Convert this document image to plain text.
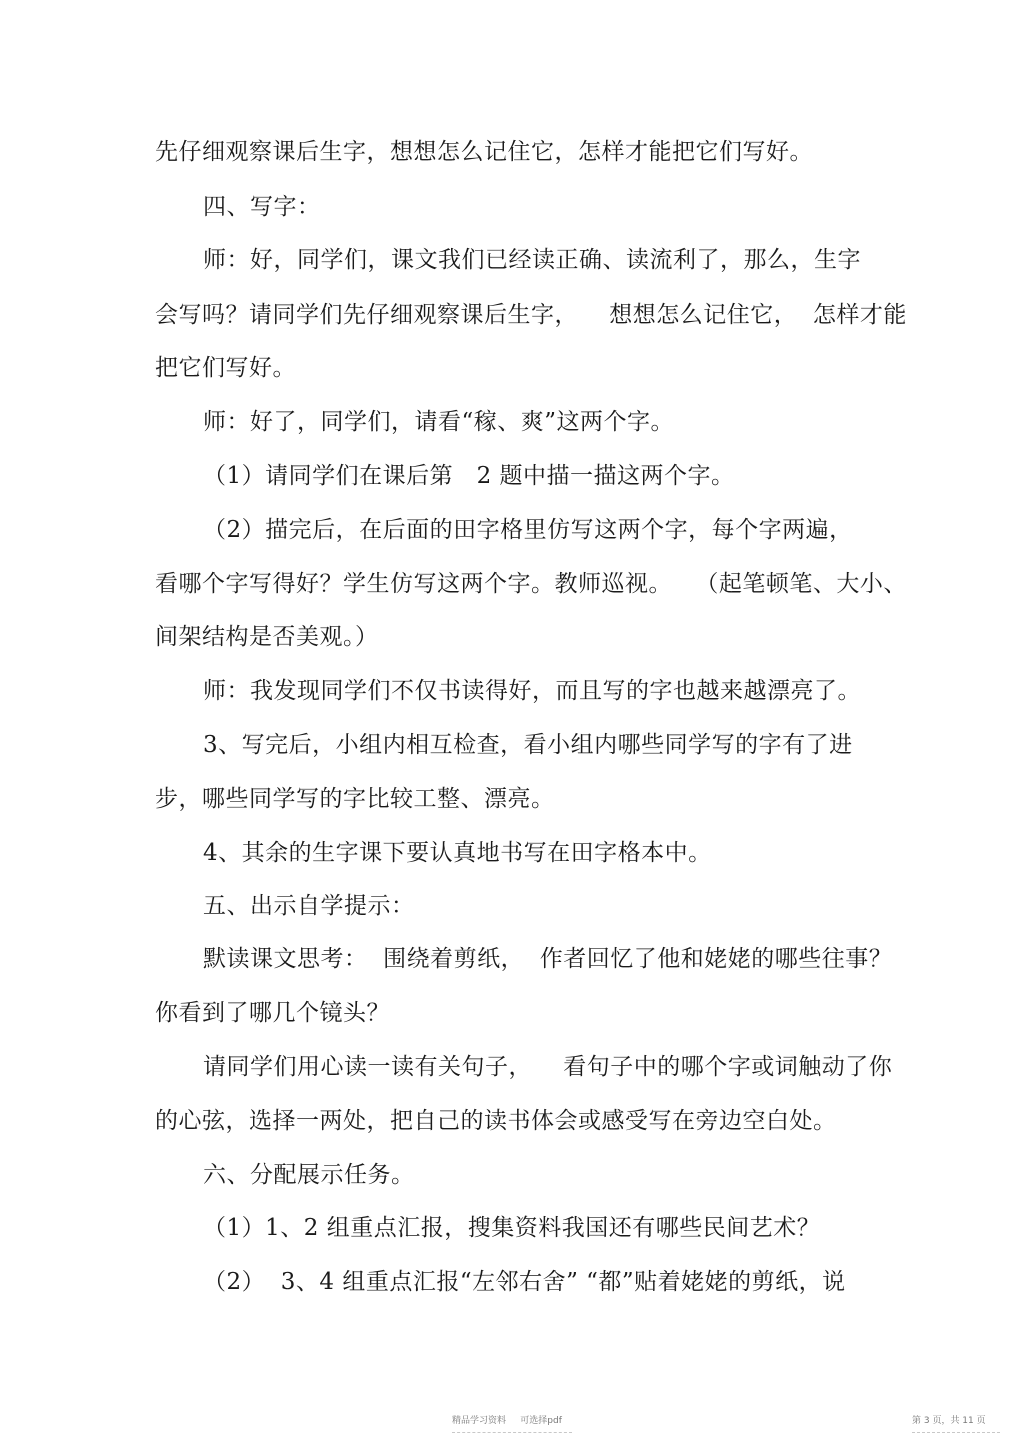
先仔细观察课后生字，想想怎么记住它，怎样才能把它们写好。
四、写字：
师：好，同学们，课文我们已经读正确、读流利了，那么，生字
会写吗？请同学们先仔细观察课后生字，    想想怎么记住它，  怎样才能
把它们写好。
师：好了，同学们，请看“稼、爽”这两个字。
（1）请同学们在课后第   2 题中描一描这两个字。
（2）描完后，在后面的田字格里仿写这两个字，每个字两遍，
看哪个字写得好？学生仿写这两个字。教师巡视。   （起笔顿笔、大小、
间架结构是否美观。）
师：我发现同学们不仅书读得好，而且写的字也越来越漂亮了。
3、写完后，小组内相互检查，看小组内哪些同学写的字有了进
步，哪些同学写的字比较工整、漂亮。
4、其余的生字课下要认真地书写在田字格本中。
五、出示自学提示：
默读课文思考：  围绕着剪纸，  作者回忆了他和姥姥的哪些往事？
你看到了哪几个镜头？
请同学们用心读一读有关句子，    看句子中的哪个字或词触动了你
的心弦，选择一两处，把自己的读书体会或感受写在旁边空白处。
六、分配展示任务。
（1）1、2 组重点汇报，搜集资料我国还有哪些民间艺术？
（2）  3、4 组重点汇报“左邻右舍” “都”贴着姥姥的剪纸，说
精品学习资料     可选择pdf	第 3 页，共 11 页
